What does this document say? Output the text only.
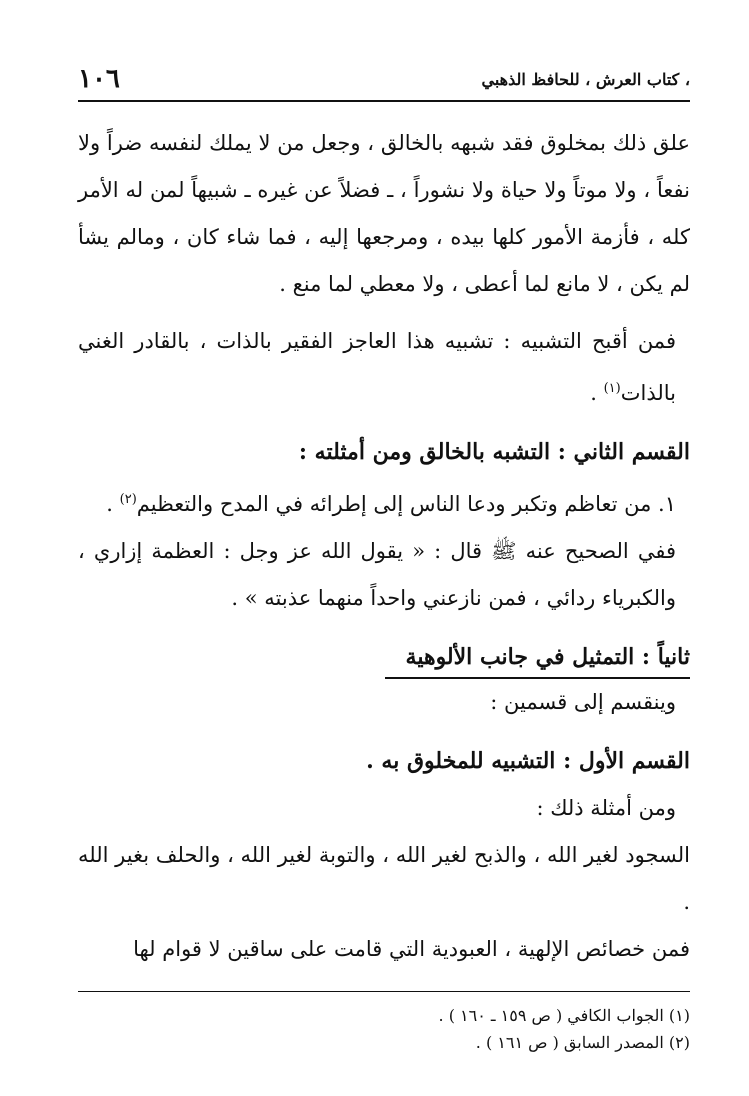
، كتاب العرش ، للحافظ الذهبي
١٠٦

علق ذلك بمخلوق فقد شبهه بالخالق ، وجعل من لا يملك لنفسه ضراً ولا نفعاً ، ولا موتاً ولا حياة ولا نشوراً ، ـ فضلاً عن غيره ـ شبيهاً لمن له الأمر كله ، فأزمة الأمور كلها بيده ، ومرجعها إليه ، فما شاء كان ، ومالم يشأ لم يكن ، لا مانع لما أعطى ، ولا معطي لما منع .

فمن أقبح التشبيه : تشبيه هذا العاجز الفقير بالذات ، بالقادر الغني بالذات$^{(١)}$ .

القسم الثاني : التشبه بالخالق ومن أمثلته :

١. من تعاظم وتكبر ودعا الناس إلى إطرائه في المدح والتعظيم$^{(٢)}$ .

ففي الصحيح عنه ﷺ قال : « يقول الله عز وجل : العظمة إزاري ، والكبرياء ردائي ، فمن نازعني واحداً منهما عذبته » .

ثانياً : التمثيل في جانب الألوهية

وينقسم إلى قسمين :

القسم الأول : التشبيه للمخلوق به .

ومن أمثلة ذلك :

السجود لغير الله ، والذبح لغير الله ، والتوبة لغير الله ، والحلف بغير الله .

فمن خصائص الإلهية ، العبودية التي قامت على ساقين لا قوام لها

(١) الجواب الكافي ( ص ١٥٩ ـ ١٦٠ ) .

(٢) المصدر السابق ( ص ١٦١ ) .
